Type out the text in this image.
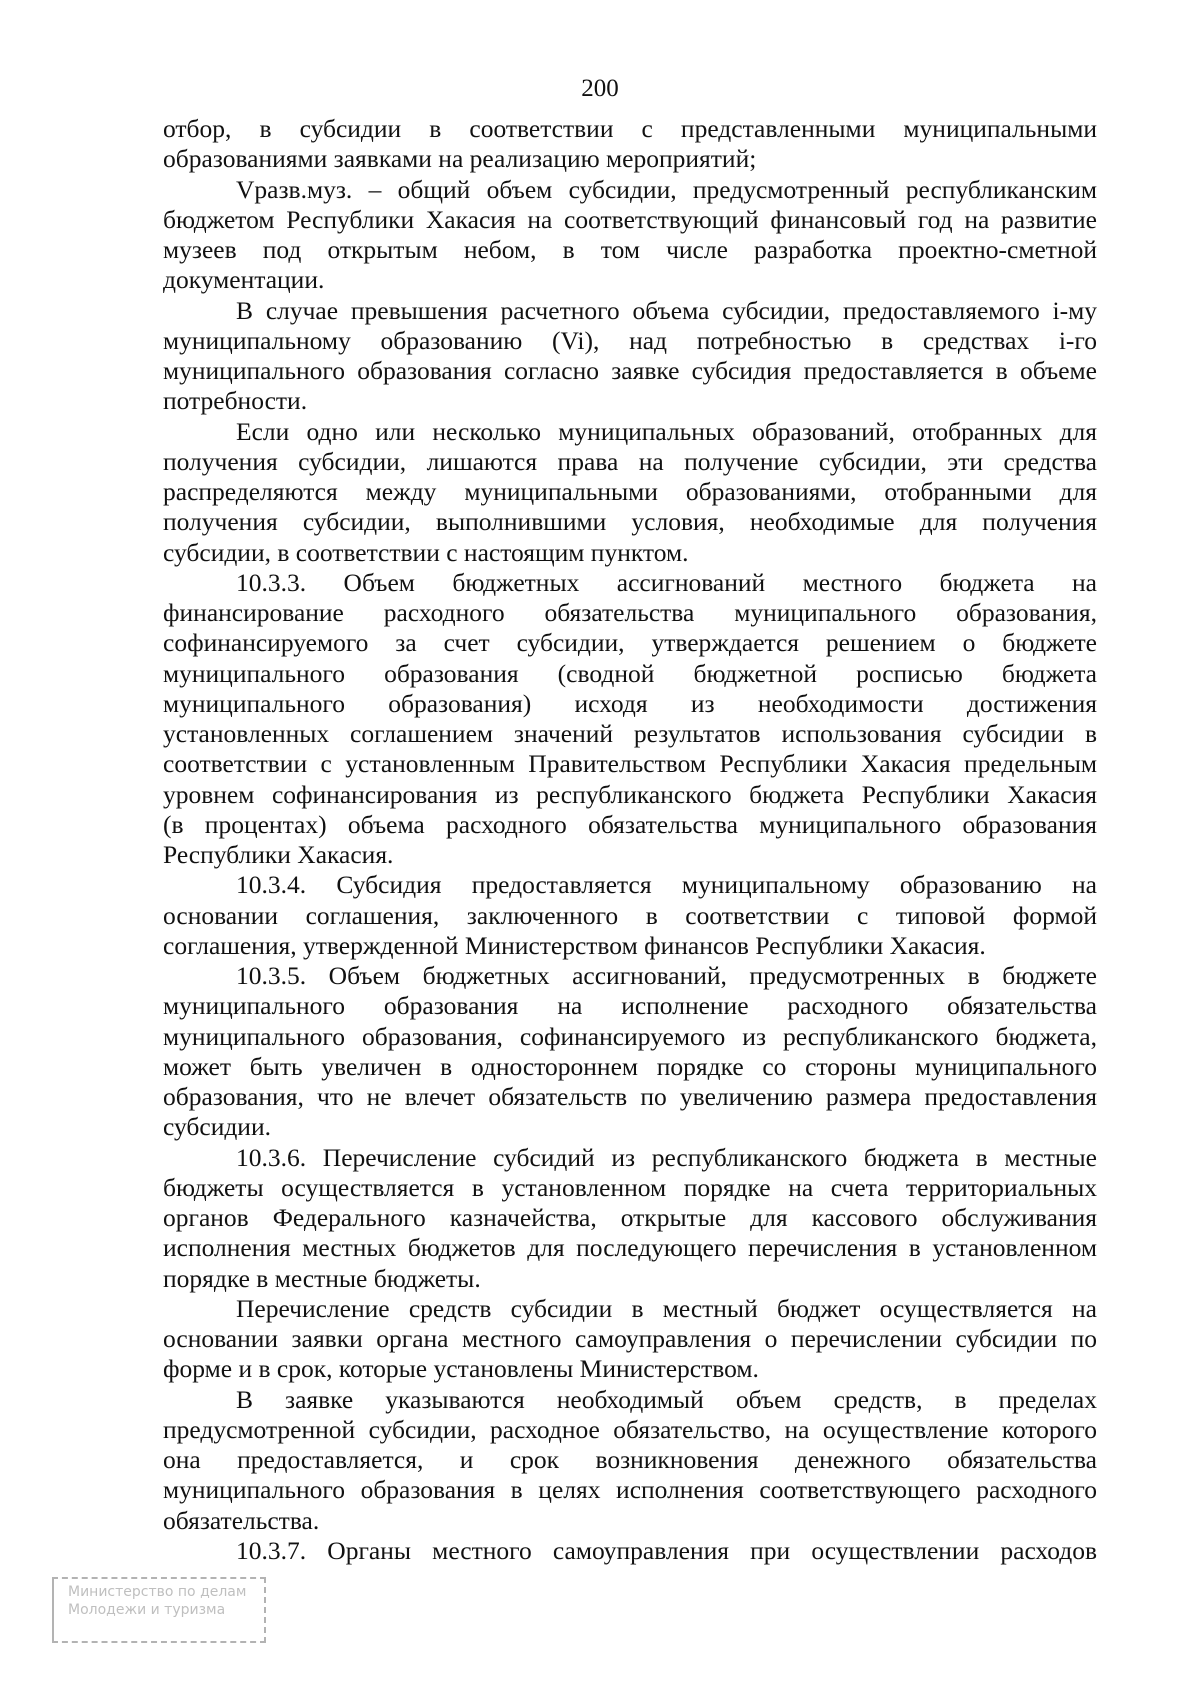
200
отбор, в субсидии в соответствии с представленными муниципальными
образованиями заявками на реализацию мероприятий;
Vразв.муз. – общий объем субсидии, предусмотренный республиканским
бюджетом Республики Хакасия на соответствующий финансовый год на развитие
музеев под открытым небом, в том числе разработка проектно-сметной
документации.
В случае превышения расчетного объема субсидии, предоставляемого i-му
муниципальному образованию (Vi), над потребностью в средствах i-го
муниципального образования согласно заявке субсидия предоставляется в объеме
потребности.
Если одно или несколько муниципальных образований, отобранных для
получения субсидии, лишаются права на получение субсидии, эти средства
распределяются между муниципальными образованиями, отобранными для
получения субсидии, выполнившими условия, необходимые для получения
субсидии, в соответствии с настоящим пунктом.
10.3.3. Объем бюджетных ассигнований местного бюджета на
финансирование расходного обязательства муниципального образования,
софинансируемого за счет субсидии, утверждается решением о бюджете
муниципального образования (сводной бюджетной росписью бюджета
муниципального образования) исходя из необходимости достижения
установленных соглашением значений результатов использования субсидии в
соответствии с установленным Правительством Республики Хакасия предельным
уровнем софинансирования из республиканского бюджета Республики Хакасия
(в процентах) объема расходного обязательства муниципального образования
Республики Хакасия.
10.3.4. Субсидия предоставляется муниципальному образованию на
основании соглашения, заключенного в соответствии с типовой формой
соглашения, утвержденной Министерством финансов Республики Хакасия.
10.3.5. Объем бюджетных ассигнований, предусмотренных в бюджете
муниципального образования на исполнение расходного обязательства
муниципального образования, софинансируемого из республиканского бюджета,
может быть увеличен в одностороннем порядке со стороны муниципального
образования, что не влечет обязательств по увеличению размера предоставления
субсидии.
10.3.6. Перечисление субсидий из республиканского бюджета в местные
бюджеты осуществляется в установленном порядке на счета территориальных
органов Федерального казначейства, открытые для кассового обслуживания
исполнения местных бюджетов для последующего перечисления в установленном
порядке в местные бюджеты.
Перечисление средств субсидии в местный бюджет осуществляется на
основании заявки органа местного самоуправления о перечислении субсидии по
форме и в срок, которые установлены Министерством.
В заявке указываются необходимый объем средств, в пределах
предусмотренной субсидии, расходное обязательство, на осуществление которого
она предоставляется, и срок возникновения денежного обязательства
муниципального образования в целях исполнения соответствующего расходного
обязательства.
10.3.7. Органы местного самоуправления при осуществлении расходов
Министерство по делам
Молодежи и туризма
